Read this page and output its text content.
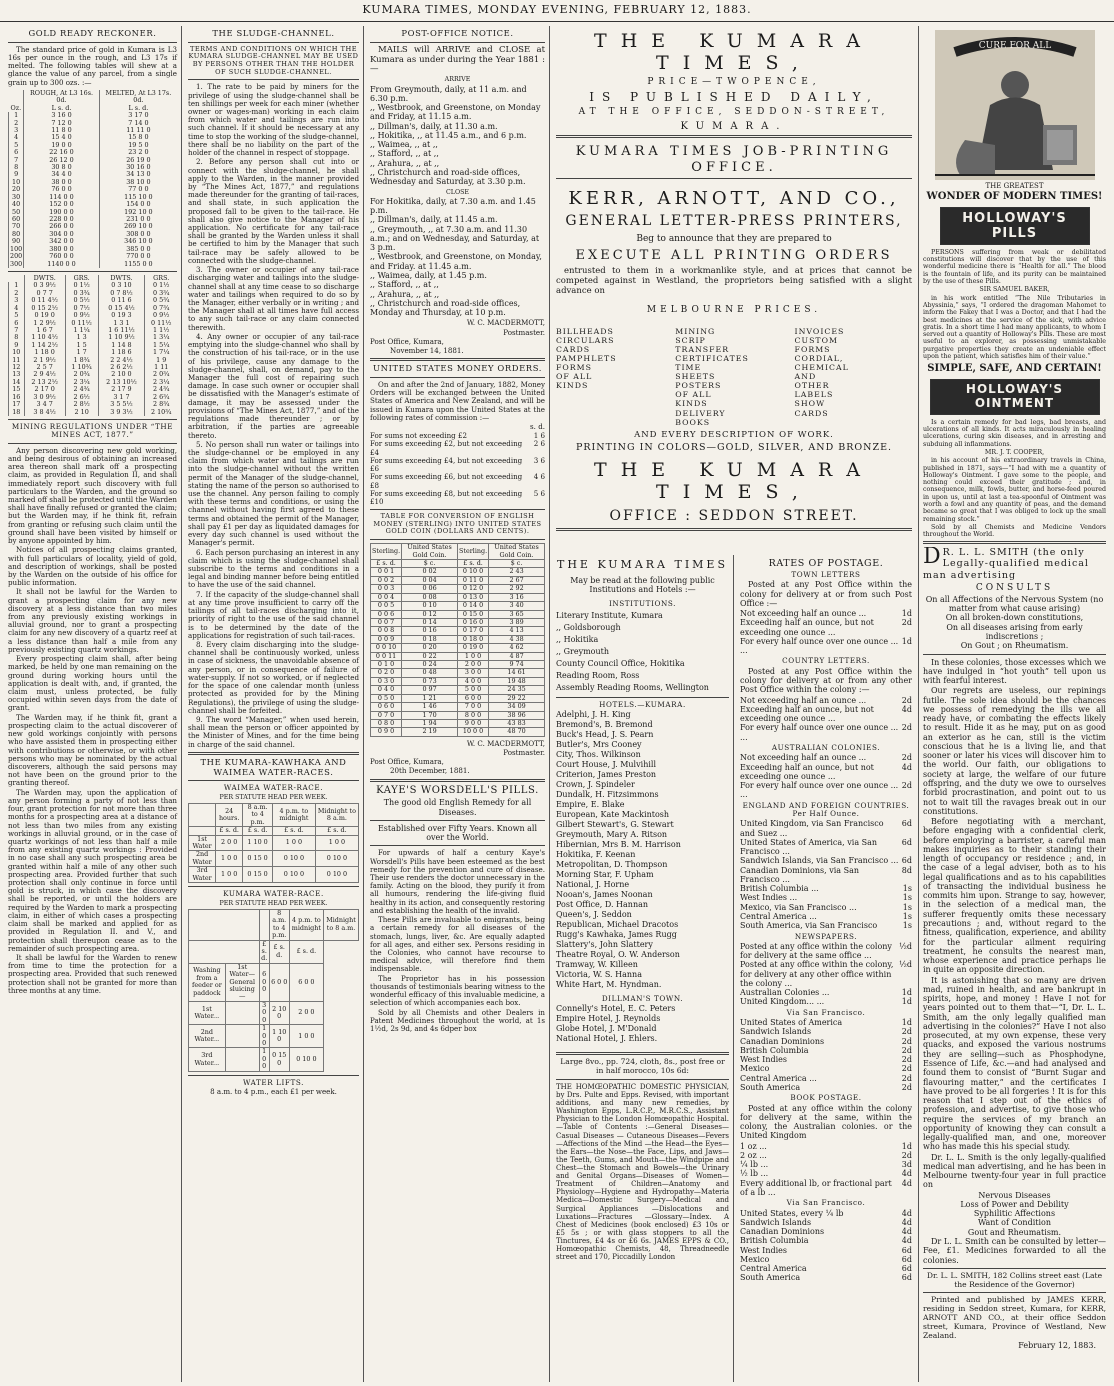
KUMARA TIMES, MONDAY EVENING, FEBRUARY 12, 1883.
GOLD READY RECKONER.

The standard price of gold in Kumara is L3 16s per ounce in the rough, and L3 17s if melted. The following tables will shew at a glance the value of any parcel, from a single grain up to 300 ozs. :—

	ROUGH, At L3 16s. 0d.	MELTED, At L3 17s. 0d.
Oz.	L s. d.	L s. d.
1	3 16 0	3 17 0
2	7 12 0	7 14 0
3	11 8 0	11 11 0
4	15 4 0	15 8 0
5	19 0 0	19 5 0
6	22 16 0	23 2 0
7	26 12 0	26 19 0
8	30 8 0	30 16 0
9	34 4 0	34 13 0
10	38 0 0	38 10 0
20	76 0 0	77 0 0
30	114 0 0	115 10 0
40	152 0 0	154 0 0
50	190 0 0	192 10 0
60	228 0 0	231 0 0
70	266 0 0	269 10 0
80	304 0 0	308 0 0
90	342 0 0	346 10 0
100	380 0 0	385 0 0
200	760 0 0	770 0 0
300	1140 0 0	1155 0 0
	DWTS.	GRS.	DWTS.	GRS.
1	0 3 9½	0 1½	0 3 10	0 1½
2	0 7 7	0 3¾	0 7 8½	0 3¾
3	0 11 4½	0 5½	0 11 6	0 5¾
4	0 15 2½	0 7½	0 15 4½	0 7¾
5	0 19 0	0 9½	0 19 3	0 9½
6	1 2 9½	0 11½	1 3 1	0 11½
7	1 6 7	1 1¼	1 6 11½	1 1½
8	1 10 4½	1 3	1 10 9½	1 3¼
9	1 14 2½	1 5	1 14 8	1 5¼
10	1 18 0	1 7	1 18 6	1 7¼
11	2 1 9½	1 8¾	2 2 4½	1 9
12	2 5 7	1 10¾	2 6 2½	1 11
13	2 9 4½	2 0¾	2 10 0	2 0¾
14	2 13 2½	2 3¼	2 13 10½	2 3¼
15	2 17 0	2 4¾	2 17 9	2 4¾
16	3 0 9½	2 6½	3 1 7	2 6¾
17	3 4 7	2 8½	3 5 5½	2 8¾
18	3 8 4½	2 10	3 9 3½	2 10¾
MINING REGULATIONS UNDER “THE MINES ACT, 1877.”

Any person discovering new gold working, and being desirous of obtaining an increased area thereon shall mark off a prospecting claim, as provided in Regulation II, and shall immediately report such discovery with full particulars to the Warden, and the ground so marked off shall be protected until the Warden shall have finally refused or granted the claim; but the Warden may, if he think fit, refrain from granting or refusing such claim until the ground shall have been visited by himself or by anyone appointed by him.

Notices of all prospecting claims granted, with full particulars of locality, yield of gold, and description of workings, shall be posted by the Warden on the outside of his office for public information.

It shall not be lawful for the Warden to grant a prospecting claim for any new discovery at a less distance than two miles from any previously existing workings in alluvial ground, nor to grant a prospecting claim for any new discovery of a quartz reef at a less distance than half a mile from any previously existing quartz workings.

Every prospecting claim shall, after being marked, be held by one man remaining on the ground during working hours until the application is dealt with, and, if granted, the claim must, unless protected, be fully occupied within seven days from the date of grant.

The Warden may, if he think fit, grant a prospecting claim to the actual discoverer of new gold workings conjointly with persons who have assisted them in prospecting either with contributions or otherwise, or with other persons who may be nominated by the actual discoverers, although the said persons may not have been on the ground prior to the granting thereof.

The Warden may, upon the application of any person forming a party of not less than four, grant protection for not more than three months for a prospecting area at a distance of not less than two miles from any existing workings in alluvial ground, or in the case of quartz workings of not less than half a mile from any existing quartz workings : Provided in no case shall any such prospecting area be granted within half a mile of any other such prospecting area. Provided further that such protection shall only continue in force until gold is struck, in which case the discovery shall be reported, or until the holders are required by the Warden to mark a prospecting claim, in either of which cases a prospecting claim shall be marked and applied for as provided in Regulation II. and V., and protection shall thereupon cease as to the remainder of such prospecting area.

It shall be lawful for the Warden to renew from time to time the protection for a prospecting area. Provided that such renewed protection shall not be granted for more than three months at any time.

THE SLUDGE-CHANNEL.

TERMS AND CONDITIONS ON WHICH THE KUMARA SLUDGE-CHANNEL MAY BE USED BY PERSONS OTHER THAN THE HOLDER OF SUCH SLUDGE-CHANNEL.

1. The rate to be paid by miners for the privilege of using the sludge-channel shall be ten shillings per week for each miner (whether owner or wages-man) working in each claim from which water and tailings are run into such channel. If it should be necessary at any time to stop the working of the sludge-channel, there shall be no liability on the part of the holder of the channel in respect of stoppage.

2. Before any person shall cut into or connect with the sludge-channel, he shall apply to the Warden, in the manner provided by “The Mines Act, 1877,” and regulations made thereunder for the granting of tail-races, and shall state, in such application the proposed fall to be given to the tail-race. He shall also give notice to the Manager of his application. No certificate for any tail-race shall be granted by the Warden unless it shall be certified to him by the Manager that such tail-race may be safely allowed to be connected with the sludge-channel.

3. The owner or occupier of any tail-race discharging water and tailings into the sludge-channel shall at any time cease to so discharge water and tailings when required to do so by the Manager, either verbally or in writing ; and the Manager shall at all times have full access to any such tail-race or any claim connected therewith.

4. Any owner or occupier of any tail-race emptying into the sludge-channel who shall by the construction of his tail-race, or in the use of his privilege, cause any damage to the sludge-channel, shall, on demand, pay to the Manager the full cost of repairing such damage. In case such owner or occupier shall be dissatisfied with the Manager's estimate of damage, it may be assessed under the provisions of “The Mines Act, 1877,” and of the regulations made thereunder ; or by arbitration, if the parties are agreeable thereto.

5. No person shall run water or tailings into the sludge-channel or be employed in any claim from which water and tailings are run into the sludge-channel without the written permit of the Manager of the sludge-channel, stating the name of the person so authorised to use the channel. Any person failing to comply with these terms and conditions, or using the channel without having first agreed to these terms and obtained the permit of the Manager, shall pay £1 per day as liquidated damages for every day such channel is used without the Manager's permit.

6. Each person purchasing an interest in any claim which is using the sludge-channel shall subscribe to the terms and conditions in a legal and binding manner before being entitled to have the use of the said channel.

7. If the capacity of the sludge-channel shall at any time prove insufficient to carry off the tailings of all tail-races discharging into it, priority of right to the use of the said channel is to be determined by the date of the applications for registration of such tail-races.

8. Every claim discharging into the sludge-channel shall be continuously worked, unless in case of sickness, the unavoidable absence of any person, or in consequence of failure of water-supply. If not so worked, or if neglected for the space of one calendar month (unless protected as provided for by the Mining Regulations), the privilege of using the sludge-channel shall be forfeited.

9. The word “Manager,” when used herein, shall mean the person or officer appointed by the Minister of Mines, and for the time being in charge of the said channel.

THE KUMARA-KAWHAKA AND WAIMEA WATER-RACES.
WAIMEA WATER-RACE.

PER STATUTE HEAD PER WEEK.

	24 hours.	8 a.m. to 4 p.m.	4 p.m. to midnight	Midnight to 8 a.m.
	£ s. d.	£ s. d.	£ s. d.	£ s. d.
1st Water	2 0 0	1 10 0	1 0 0	1 0 0
2nd Water	1 0 0	0 15 0	0 10 0	0 10 0
3rd Water	1 0 0	0 15 0	0 10 0	0 10 0
KUMARA WATER-RACE.

PER STATUTE HEAD PER WEEK.

			8 a.m. to 4 p.m.	4 p.m. to midnight	Midnight to 8 a.m.
		£ s. d.	£ s. d.	£ s. d.	
Washing from a feeder or paddock	1st Water—General sluicing—	6 0 0	6 0 0	6 0 0	
1st Water...		3 0 0	2 10 0	2 0 0	
2nd Water...		1 0 0	1 10 0	1 0 0	
3rd Water...		1 0 0	0 15 0	0 10 0	
WATER LIFTS.

8 a.m. to 4 p.m., each £1 per week.

POST-OFFICE NOTICE.

MAILS will ARRIVE and CLOSE at Kumara as under during the Year 1881 :—

ARRIVE

From Greymouth, daily, at 11 a.m. and 6.30 p.m.
,, Westbrook, and Greenstone, on Monday and Friday, at 11.15 a.m.
,, Dillman's, daily, at 11.30 a.m.
,, Hokitika, ,, at 11.45 a.m., and 6 p.m.
,, Waimea, ,, at ,,
,, Stafford, ,, at ,,
,, Arahura, ,, at ,,
,, Christchurch and road-side offices, Wednesday and Saturday, at 3.30 p.m.

CLOSE

For Hokitika, daily, at 7.30 a.m. and 1.45 p.m.
,, Dillman's, daily, at 11.45 a.m.
,, Greymouth, ,, at 7.30 a.m. and 11.30 a.m.; and on Wednesday, and Saturday, at 3 p.m.
,, Westbrook, and Greenstone, on Monday, and Friday. at 11.45 a.m.
,, Waimea, daily, at 1.45 p.m.
,, Stafford, ,, at ,,
,, Arahura, ,, at ,,
,, Christchurch and road-side offices, Monday and Thursday, at 10 p.m.

W. C. MACDERMOTT,

Postmaster.

Post Office, Kumara,

November 14, 1881.

UNITED STATES MONEY ORDERS.

On and after the 2nd of January, 1882, Money Orders will be exchanged between the United States of America and New Zealand, and will be issued in Kumara upon the United States at the following rates of commission :—

s. d.

For sums not exceeding £2	1 6
For sums exceeding £2, but not exceeding £4
2 6
For sums exceeding £4, but not exceeding £6
3 6
For sums exceeding £6, but not exceeding £8
4 6
For sums exceeding £8, but not exceeding £10
5 6

TABLE FOR CONVERSION OF ENGLISH MONEY (STERLING) INTO UNITED STATES GOLD COIN (DOLLARS AND CENTS).

Sterling.	United States Gold Coin.	Sterling.	United States Gold Coin.
£ s. d.	$ c.	£ s. d.	$ c.
0 0 1	0 02	0 10 0	2 43
0 0 2	0 04	0 11 0	2 67
0 0 3	0 06	0 12 0	2 92
0 0 4	0 08	0 13 0	3 16
0 0 5	0 10	0 14 0	3 40
0 0 6	0 12	0 15 0	3 65
0 0 7	0 14	0 16 0	3 89
0 0 8	0 16	0 17 0	4 13
0 0 9	0 18	0 18 0	4 38
0 0 10	0 20	0 19 0	4 62
0 0 11	0 22	1 0 0	4 87
0 1 0	0 24	2 0 0	9 74
0 2 0	0 48	3 0 0	14 61
0 3 0	0 73	4 0 0	19 48
0 4 0	0 97	5 0 0	24 35
0 5 0	1 21	6 0 0	29 22
0 6 0	1 46	7 0 0	34 09
0 7 0	1 70	8 0 0	38 96
0 8 0	1 94	9 0 0	43 83
0 9 0	2 19	10 0 0	48 70

W. C. MACDERMOTT,

Postmaster.

Post Office, Kumara,

20th December, 1881.

KAYE'S WORSDELL'S PILLS.

The good old English Remedy for all Diseases.

Established over Fifty Years. Known all over the World.

For upwards of half a century Kaye's Worsdell's Pills have been esteemed as the best remedy for the prevention and cure of disease. Their use renders the doctor unnecessary in the family. Acting on the blood, they purify it from all humours, rendering the life-giving fluid healthy in its action, and consequently restoring and establishing the health of the invalid.

These Pills are invaluable to emigrants, being a certain remedy for all diseases of the stomach, lungs, liver, &c. Are equally adapted for all ages, and either sex. Persons residing in the Colonies, who cannot have recourse to medical advice, will therefore find them indispensable.

The Proprietor has in his possession thousands of testimonials bearing witness to the wonderful efficacy of this invaluable medicine, a selection of which accompanies each box.

Sold by all Chemists and other Dealers in Patent Medicines throughout the world, at 1s 1½d, 2s 9d, and 4s 6dper box

THE KUMARA TIMES,
PRICE—TWOPENCE,
IS PUBLISHED DAILY,
AT THE OFFICE, SEDDON-STREET,
KUMARA.
KUMARA TIMES JOB-PRINTING OFFICE.
KERR, ARNOTT, AND CO.,
GENERAL LETTER-PRESS PRINTERS,

Beg to announce that they are prepared to

EXECUTE ALL PRINTING ORDERS

entrusted to them in a workmanlike style, and at prices that cannot be competed against in Westland, the proprietors being satisfied with a slight advance on

MELBOURNE PRICES.
BILLHEADS
CIRCULARS
CARDS
PAMPHLETS
FORMS OF ALL KINDS
MINING SCRIP
TRANSFER CERTIFICATES
TIME SHEETS
POSTERS OF ALL KINDS
DELIVERY BOOKS
INVOICES
CUSTOM FORMS
CORDIAL, CHEMICAL
AND OTHER LABELS
SHOW CARDS

AND EVERY DESCRIPTION OF WORK.

PRINTING IN COLORS—GOLD, SILVER, AND BRONZE.

THE KUMARA TIMES,
OFFICE : SEDDON STREET.
THE KUMARA TIMES

May be read at the following public Institutions and Hotels :—

INSTITUTIONS.
Literary Institute, Kumara
,, Goldsborough
,, Hokitika
,, Greymouth
County Council Office, Hokitika
Reading Room, Ross
Assembly Reading Rooms, Wellington
HOTELS.—KUMARA.
Adelphi, J. H. King
Bremond's, B. Bremond
Buck's Head, J. S. Pearn
Butler's, Mrs Cooney
City, Thos. Wilkinson
Court House, J. Mulvihill
Criterion, James Preston
Crown, J. Spindeler
Dundalk, H. Fitzsimmons
Empire, E. Blake
European, Kate Mackintosh
Gilbert Stewart's, G. Stewart
Greymouth, Mary A. Ritson
Hibernian, Mrs B. M. Harrison
Hokitika, F. Keenan
Metropolitan, D. Thompson
Morning Star, F. Upham
National, J. Horne
Nooan's, James Noonan
Post Office, D. Hannan
Queen's, J. Seddon
Republican, Michael Dracotos
Rugg's Kawhaka, James Rugg
Slattery's, John Slattery
Theatre Royal, O. W. Anderson
Tramway, W. Killeen
Victoria, W. S. Hanna
White Hart, M. Hyndman.
DILLMAN'S TOWN.
Connelly's Hotel, E. C. Peters
Empire Hotel, J. Reynolds
Globe Hotel, J. M'Donald
National Hotel, J. Ehlers.

Large 8vo., pp. 724, cloth, 8s., post free or in half morocco, 10s 6d:

THE HOMŒOPATHIC DOMESTIC PHYSICIAN, by Drs. Pulte and Epps. Revised, with important additions, and many new remedies, by Washington Epps, L.R.C.P., M.R.C.S., Assistant Physician to the London Homœopathic Hospital.—Table of Contents :—General Diseases—Casual Diseases — Cutaneous Diseases—Fevers—Affections of the Mind —the Head—the Eyes—the Ears—the Nose—the Face, Lips, and Jaws—the Teeth, Gums, and Mouth—the Windpipe and Chest—the Stomach and Bowels—the Urinary and Genital Organs—Diseases of Women—Treatment of Children—Anatomy and Physiology—Hygiene and Hydropathy—Materia Medica—Domestic Surgery—Medical and Surgical Appliances —Dislocations and Luxations—Fractures —Glossary—Index. A Chest of Medicines (book enclosed) £3 10s or £5 5s ; or with glass stoppers to all the Tinctures, £4 4s or £6 6s. JAMES EPPS & CO., Homœopathic Chemists, 48, Threadneedle street and 170, Piccadilly London

RATES OF POSTAGE.
TOWN LETTERS

Posted at any Post Office within the colony for delivery at or from such Post Office :—

Not exceeding half an ounce ...	1d
Exceeding half an ounce, but not exceeding one ounce ...
2d
For every half ounce over one ounce ... ...
1d
COUNTRY LETTERS.

Posted at any Post Office within the colony for delivery at or from any other Post Office within the colony :—

Not exceeding half an ounce ...	2d
Exceeding half an ounce, but not exceeding one ounce ...
4d
For every half ounce over one ounce ... ...
2d
AUSTRALIAN COLONIES.
Not exceeding half an ounce ...	2d
Exceeding half an ounce, but not exceeding one ounce ...
4d
For every half ounce over one ounce ... ...
2d
ENGLAND AND FOREIGN COUNTRIES. Per Half Ounce.
United Kingdom, via San Francisco and Suez ...
6d
United States of America, via San Francisco ...
6d
Sandwich Islands, via San Francisco ... 6d
Canadian Dominions, via San Francisco ...
8d
British Columbia ...	1s
West Indies ...	1s
Mexico, via San Francisco ...	1s
Central America ...	1s
South America, via San Francisco	1s
NEWSPAPERS.
Posted at any office within the colony for delivery at the same office ...
½d
Posted at any office within the colony, for delivery at any other office within the colony ...
½d
Australian Colonies ...	1d
United Kingdom... ...	1d
Via San Francisco.
United States of America	1d
Sandwich Islands	2d
Canadian Dominions	2d
British Columbia	2d
West Indies	2d
Mexico	2d
Central America ...	2d
South America	2d
BOOK POSTAGE.

Posted at any office within the colony for delivery at the same, within the colony, the Australian colonies. or the United Kingdom

1 oz ...	1d
2 oz ...	2d
¼ lb ...	3d
½ lb ...	4d
Every additional lb, or fractional part of a lb ...
4d
Via San Francisco.
United States, every ¼ lb	4d
Sandwich Islands	4d
Canadian Dominions	4d
British Columbia	4d
West Indies	6d
Mexico	6d
Central America	6d
South America	6d
CURE FOR ALL

THE GREATEST

WONDER OF MODERN TIMES!

HOLLOWAY'S PILLS

PERSONS suffering from weak or debilitated constitutions will discover that by the use of this wonderful medicine there is “Health for all.” The blood is the fountain of life, and its purity can be maintained by the use of these Pills.

SIR SAMUEL BAKER,

in his work entitled “The Nile Tributaries in Abyssinia,” says, “I ordered the dragoman Mahomet to inform the Fakey that I was a Doctor, and that I had the best medicines at the service of the sick, with advice gratis. In a short time I had many applicants, to whom I served out a quantity of Holloway's Pills. These are most useful to an explorer, as possessing unmistakable purgative properties they create an undeniable effect upon the patient, which satisfies him of their value.”

SIMPLE, SAFE, AND CERTAIN!

HOLLOWAY'S OINTMENT

Is a certain remedy for bad legs, bad breasts, and ulcerations of all kinds. It acts miraculously in healing ulcerations, curing skin diseases, and in arresting and subduing all inflammations.

MR. J. T. COOPER,

in his account of his extraordinary travels in China, published in 1871, says—“I had with me a quantity of Holloway's Ointment. I gave some to the people, and nothing could exceed their gratitude ; and, in consequence, milk, fowls, butter, and horse-feed poured in upon us, until at last a tea-spoonful of Ointment was worth a fowl and any quantity of peas, and the demand became so great that I was obliged to lock up the small remaining stock.”

Sold by all Chemists and Medicine Vendors throughout the World.

D R. L. L. SMITH (the only Legally-qualified medical man advertising

CONSULTS

On all Affections of the Nervous System (no matter from what cause arising)
On all broken-down constitutions,
On all diseases arising from early indiscretions ;
On Gout ; on Rheumatism.

In these colonies, those excesses which we have indulged in “hot youth” tell upon us with fearful interest.

Our regrets are useless, our repinings futile. The sole idea should be the chances we possess of remedying the ills we all ready have, or combating the effects likely to result. Hide it as he may, put on as good an exterior as he can, still is the victim conscious that he is a living lie, and that sooner or later his vices will discover him to the world. Our faith, our obligations to society at large, the welfare of our future offspring, and the duty we owe to ourselves forbid procrastination, and point out to us not to wait till the ravages break out in our constitutions.

Before negotiating with a merchant, before engaging with a confidential clerk, before employing a barrister, a careful man makes inquiries as to their standing their length of occupancy or residence ; and, in the case of a legal adviser, both as to his legal qualifications and as to his capabilities of transacting the individual business he commits him upon. Strange to say, however, in the selection of a medical man, the sufferer frequently omits these necessary precautions ; and, without regard to the fitness, qualification, experience, and ability for the particular ailment requiring treatment, he consults the nearest man, whose experience and practice perhaps lie in quite an opposite direction.

It is astonishing that so many are driven mad, ruined in health, and are bankrupt in spirits, hope, and money ! Have I not for years pointed out to them that—“I, Dr. L. L. Smith, am the only legally qualified man advertising in the colonies?” Have I not also prosecuted, at my own expense, these very quacks, and exposed the various nostrums they are selling—such as Phosphodyne, Essence of Life, &c.—and had analysed and found them to consist of “Burnt Sugar and flavouring matter,” and the certificates I have proved to be all forgeries ! It is for this reason that I step out of the ethics of profession, and advertise, to give those who require the services of my branch an opportunity of knowing they can consult a legally-qualified man, and one, moreover who has made this his special study.

Dr. L. L. Smith is the only legally-qualified medical man advertising, and he has been in Melbourne twenty-four year in full practice on

Nervous Diseases
Loss of Power and Debility
Syphilitic Affections
Want of Condition
Gout and Rheumatism.

Dr L. L. Smith can be consulted by letter—Fee, £1. Medicines forwarded to all the colonies.

Dr. L. L. SMITH, 182 Collins street east (Late the Residence of the Governor)

Printed and published by JAMES KERR, residing in Seddon street, Kumara, for KERR, ARNOTT AND CO., at their office Seddon street, Kumara, Province of Westland, New Zealand.

February 12, 1883.
